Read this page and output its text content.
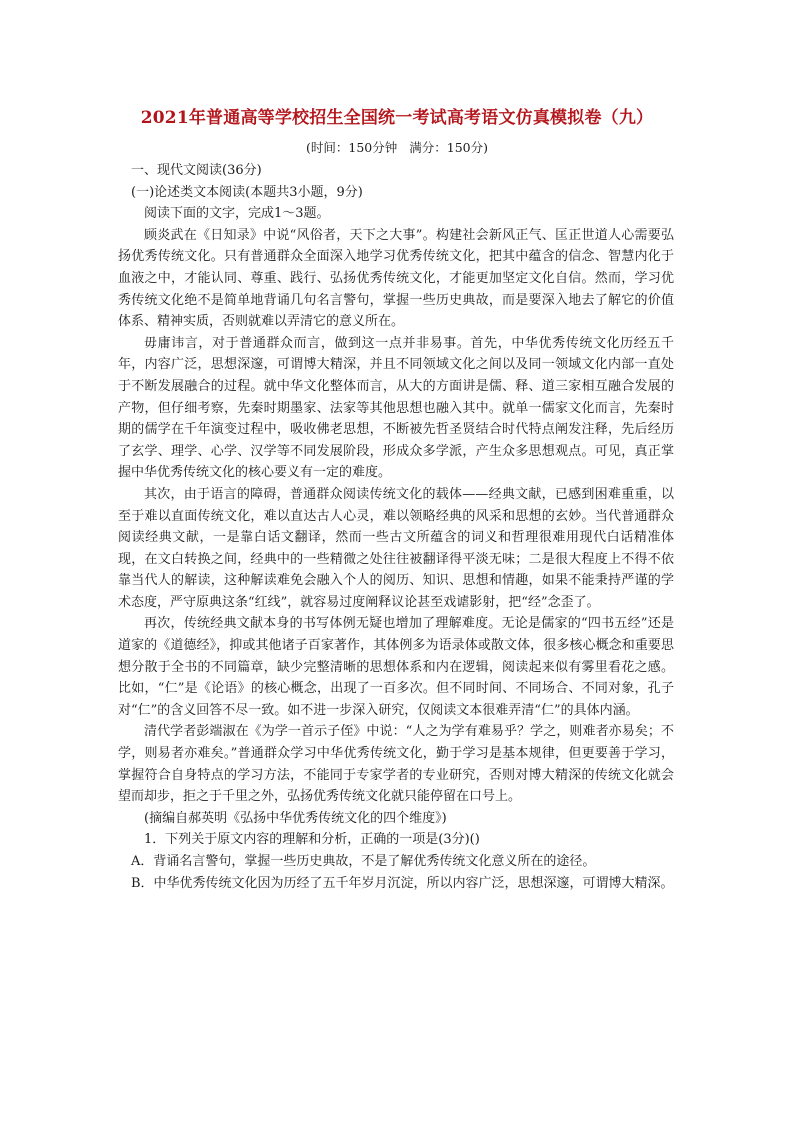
2021年普通高等学校招生全国统一考试高考语文仿真模拟卷（九）
(时间：150分钟 满分：150分)

一、现代文阅读(36分)

(一)论述类文本阅读(本题共3小题，9分)

阅读下面的文字，完成1～3题。

顾炎武在《日知录》中说“风俗者，天下之大事”。构建社会新风正气、匡正世道人心需要弘扬优秀传统文化。只有普通群众全面深入地学习优秀传统文化，把其中蕴含的信念、智慧内化于血液之中，才能认同、尊重、践行、弘扬优秀传统文化，才能更加坚定文化自信。然而，学习优秀传统文化绝不是简单地背诵几句名言警句，掌握一些历史典故，而是要深入地去了解它的价值体系、精神实质，否则就难以弄清它的意义所在。

毋庸讳言，对于普通群众而言，做到这一点并非易事。首先，中华优秀传统文化历经五千年，内容广泛，思想深邃，可谓博大精深，并且不同领域文化之间以及同一领域文化内部一直处于不断发展融合的过程。就中华文化整体而言，从大的方面讲是儒、释、道三家相互融合发展的产物，但仔细考察，先秦时期墨家、法家等其他思想也融入其中。就单一儒家文化而言，先秦时期的儒学在千年演变过程中，吸收佛老思想，不断被先哲圣贤结合时代特点阐发注释，先后经历了玄学、理学、心学、汉学等不同发展阶段，形成众多学派，产生众多思想观点。可见，真正掌握中华优秀传统文化的核心要义有一定的难度。

其次，由于语言的障碍，普通群众阅读传统文化的载体——经典文献，已感到困难重重，以至于难以直面传统文化，难以直达古人心灵，难以领略经典的风采和思想的玄妙。当代普通群众阅读经典文献，一是靠白话文翻译，然而一些古文所蕴含的词义和哲理很难用现代白话精准体现，在文白转换之间，经典中的一些精微之处往往被翻译得平淡无味；二是很大程度上不得不依靠当代人的解读，这种解读难免会融入个人的阅历、知识、思想和情趣，如果不能秉持严谨的学术态度，严守原典这条“红线”，就容易过度阐释议论甚至戏谑影射，把“经”念歪了。

再次，传统经典文献本身的书写体例无疑也增加了理解难度。无论是儒家的“四书五经”还是道家的《道德经》，抑或其他诸子百家著作，其体例多为语录体或散文体，很多核心概念和重要思想分散于全书的不同篇章，缺少完整清晰的思想体系和内在逻辑，阅读起来似有雾里看花之感。比如，“仁”是《论语》的核心概念，出现了一百多次。但不同时间、不同场合、不同对象，孔子对“仁”的含义回答不尽一致。如不进一步深入研究，仅阅读文本很难弄清“仁”的具体内涵。

清代学者彭端淑在《为学一首示子侄》中说：“人之为学有难易乎？学之，则难者亦易矣；不学，则易者亦难矣。”普通群众学习中华优秀传统文化，勤于学习是基本规律，但更要善于学习，掌握符合自身特点的学习方法，不能同于专家学者的专业研究，否则对博大精深的传统文化就会望而却步，拒之于千里之外，弘扬优秀传统文化就只能停留在口号上。

(摘编自郝英明《弘扬中华优秀传统文化的四个维度》)

1．下列关于原文内容的理解和分析，正确的一项是(3分)()

A．背诵名言警句，掌握一些历史典故，不是了解优秀传统文化意义所在的途径。

B．中华优秀传统文化因为历经了五千年岁月沉淀，所以内容广泛，思想深邃，可谓博大精深。
